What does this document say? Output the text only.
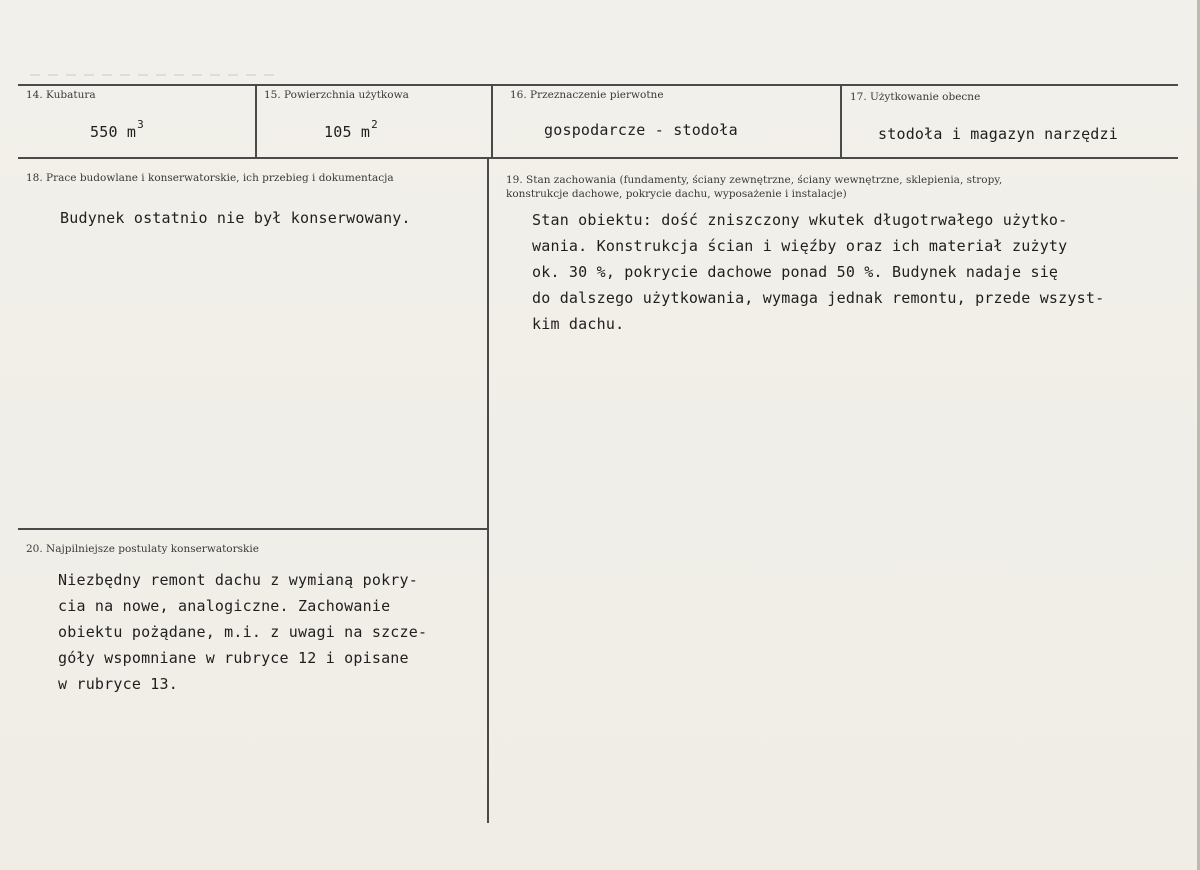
14. Kubatura
550 $m^3$
15. Powierzchnia użytkowa
105 $m^2$
16. Przeznaczenie pierwotne
gospodarcze - stodoła
17. Użytkowanie obecne
stodoła i magazyn narzędzi
18. Prace budowlane i konserwatorskie, ich przebieg i dokumentacja
Budynek ostatnio nie był konserwowany.
19. Stan zachowania (fundamenty, ściany zewnętrzne, ściany wewnętrzne, sklepienia, stropy,
konstrukcje dachowe, pokrycie dachu, wyposażenie i instalacje)
Stan obiektu: dość zniszczony wkutek długotrwałego użytko-
wania. Konstrukcja ścian i więźby oraz ich materiał zużyty
ok. 30 %, pokrycie dachowe ponad 50 %. Budynek nadaje się
do dalszego użytkowania, wymaga jednak remontu, przede wszyst-
kim dachu.
20. Najpilniejsze postulaty konserwatorskie
Niezbędny remont dachu z wymianą pokry-
cia na nowe, analogiczne. Zachowanie
obiektu pożądane, m.i. z uwagi na szcze-
góły wspomniane w rubryce 12 i opisane
w rubryce 13.
